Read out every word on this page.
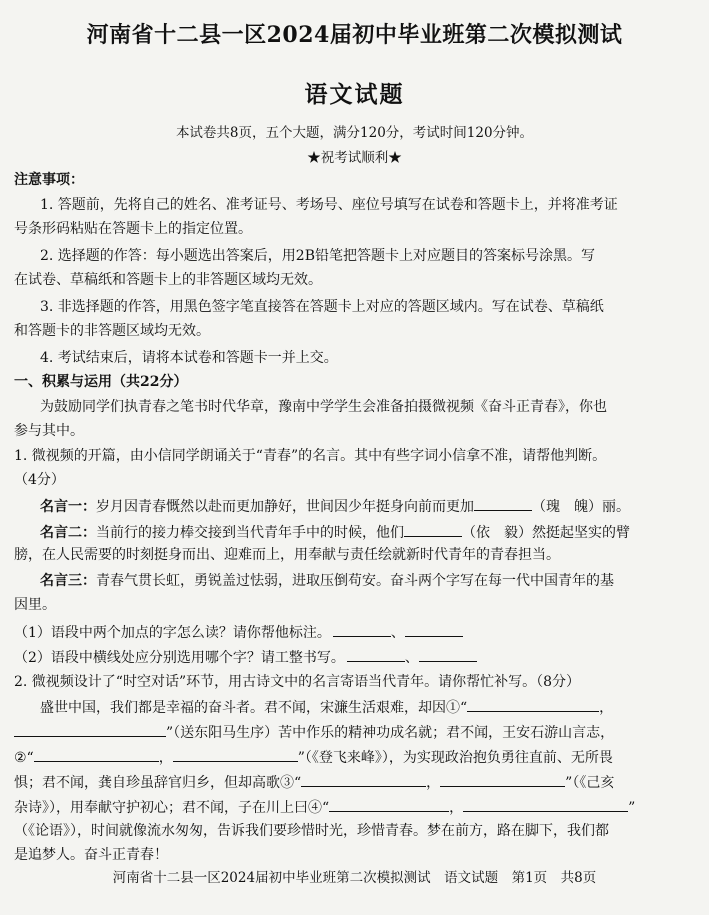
河南省十二县一区2024届初中毕业班第二次模拟测试
语文试题
本试卷共8页，五个大题，满分120分，考试时间120分钟。
★祝考试顺利★
注意事项：
1. 答题前，先将自己的姓名、准考证号、考场号、座位号填写在试卷和答题卡上，并将准考证
号条形码粘贴在答题卡上的指定位置。
2. 选择题的作答：每小题选出答案后，用2B铅笔把答题卡上对应题目的答案标号涂黑。写
在试卷、草稿纸和答题卡上的非答题区域均无效。
3. 非选择题的作答，用黑色签字笔直接答在答题卡上对应的答题区域内。写在试卷、草稿纸
和答题卡的非答题区域均无效。
4. 考试结束后，请将本试卷和答题卡一并上交。
一、积累与运用（共22分）
为鼓励同学们执青春之笔书时代华章，豫南中学学生会准备拍摄微视频《奋斗正青春》，你也
参与其中。
1. 微视频的开篇，由小信同学朗诵关于“青春”的名言。其中有些字词小信拿不准，请帮他判断。
（4分）
名言一：岁月因青春慨然以赴而更加静好，世间因少年挺身向前而更加	（瑰　魄）丽。
名言二：当前行的接力棒交接到当代青年手中的时候，他们	（依　毅）然挺起坚实的臂
膀，在人民需要的时刻挺身而出、迎难而上，用奉献与责任绘就新时代青年的青春担当。
名言三：青春气贯长虹，勇锐盖过怯弱，进取压倒苟安。奋斗两个字写在每一代中国青年的基
因里。
（1）语段中两个加点的字怎么读？请你帮他标注。	、
（2）语段中横线处应分别选用哪个字？请工整书写。	、
2. 微视频设计了“时空对话”环节，用古诗文中的名言寄语当代青年。请你帮忙补写。（8分）
盛世中国，我们都是幸福的奋斗者。君不闻，宋濂生活艰难，却因①“	，
”（送东阳马生序）苦中作乐的精神功成名就；君不闻，王安石游山言志，
②“	，	”（《登飞来峰》），为实现政治抱负勇往直前、无所畏
惧；君不闻，龚自珍虽辞官归乡，但却高歌③“	，	”（《己亥
杂诗》），用奉献守护初心；君不闻，子在川上曰④“	，	”
（《论语》），时间就像流水匆匆，告诉我们要珍惜时光，珍惜青春。梦在前方，路在脚下，我们都
是追梦人。奋斗正青春！
河南省十二县一区2024届初中毕业班第二次模拟测试　语文试题　第1页　共8页
